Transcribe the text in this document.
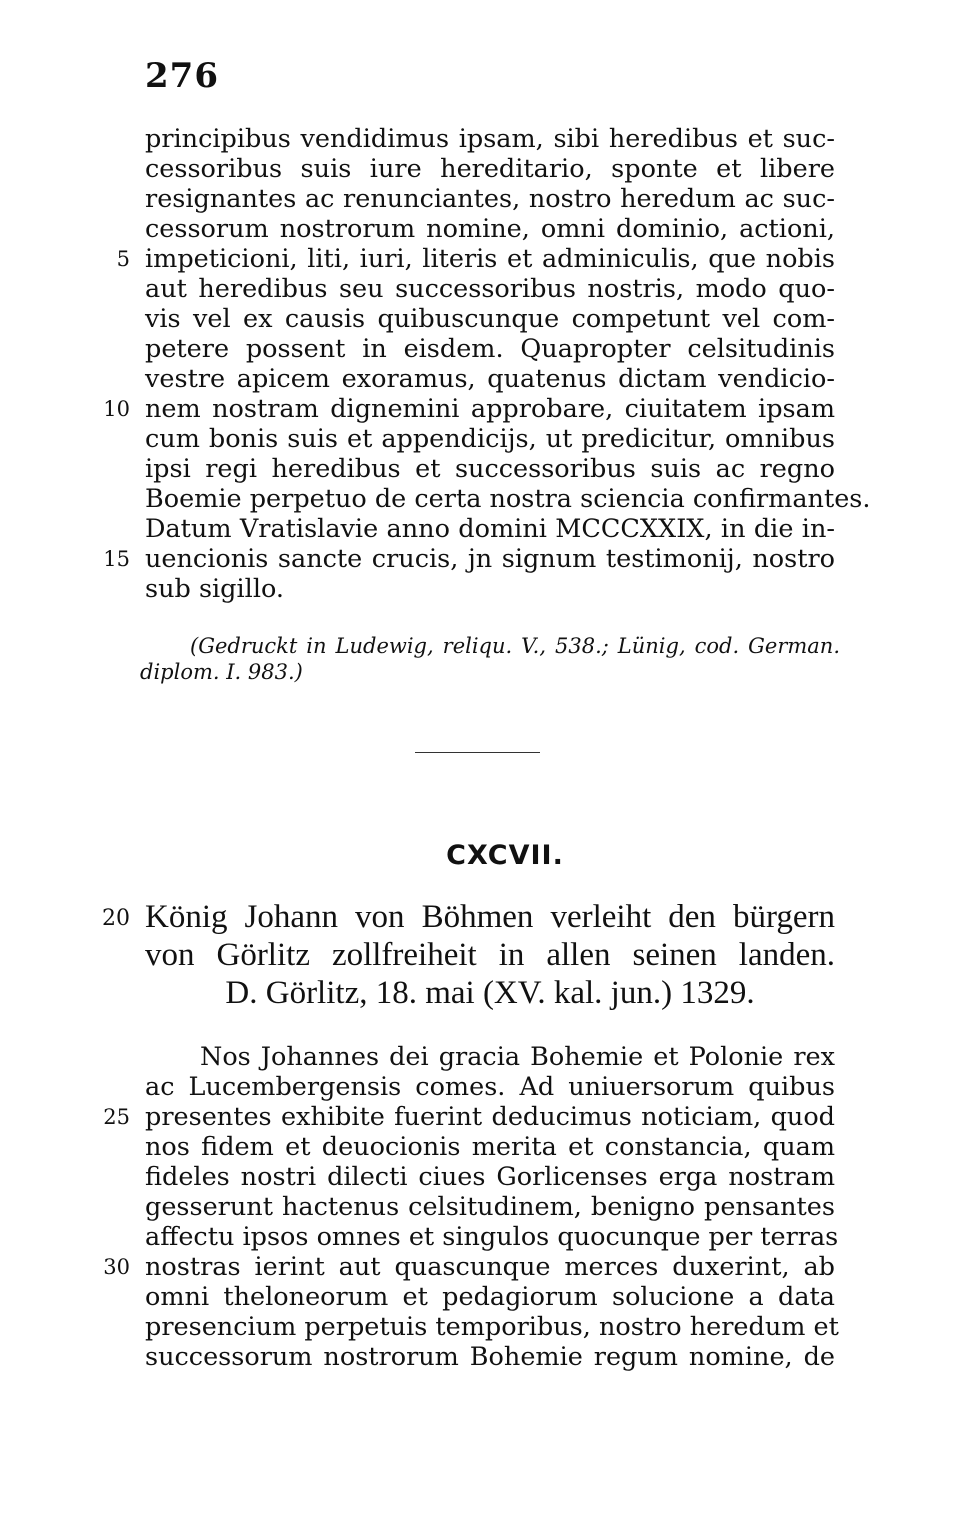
276
principibus vendidimus ipsam, sibi heredibus et suc-
cessoribus suis iure hereditario, sponte et libere
resignantes ac renunciantes, nostro heredum ac suc-
cessorum nostrorum nomine, omni dominio, actioni,
impeticioni, liti, iuri, literis et adminiculis, que nobis
aut heredibus seu successoribus nostris, modo quo-
vis vel ex causis quibuscunque competunt vel com-
petere possent in eisdem. Quapropter celsitudinis
vestre apicem exoramus, quatenus dictam vendicio-
nem nostram dignemini approbare, ciuitatem ipsam
cum bonis suis et appendicijs, ut predicitur, omnibus
ipsi regi heredibus et successoribus suis ac regno
Boemie perpetuo de certa nostra sciencia confirmantes.
Datum Vratislavie anno domini MCCCXXIX, in die in-
uencionis sancte crucis, jn signum testimonij, nostro
sub sigillo.
5
10
15
(Gedruckt in Ludewig, reliqu. V., 538.; Lünig, cod. German.
diplom. I. 983.)
CXCVII.
König Johann von Böhmen verleiht den bürgern
von Görlitz zollfreiheit in allen seinen landen.
D. Görlitz, 18. mai (XV. kal. jun.) 1329.
20
Nos Johannes dei gracia Bohemie et Polonie rex
ac Lucembergensis comes. Ad uniuersorum quibus
presentes exhibite fuerint deducimus noticiam, quod
nos fidem et deuocionis merita et constancia, quam
fideles nostri dilecti ciues Gorlicenses erga nostram
gesserunt hactenus celsitudinem, benigno pensantes
affectu ipsos omnes et singulos quocunque per terras
nostras ierint aut quascunque merces duxerint, ab
omni theloneorum et pedagiorum solucione a data
presencium perpetuis temporibus, nostro heredum et
successorum nostrorum Bohemie regum nomine, de
25
30
